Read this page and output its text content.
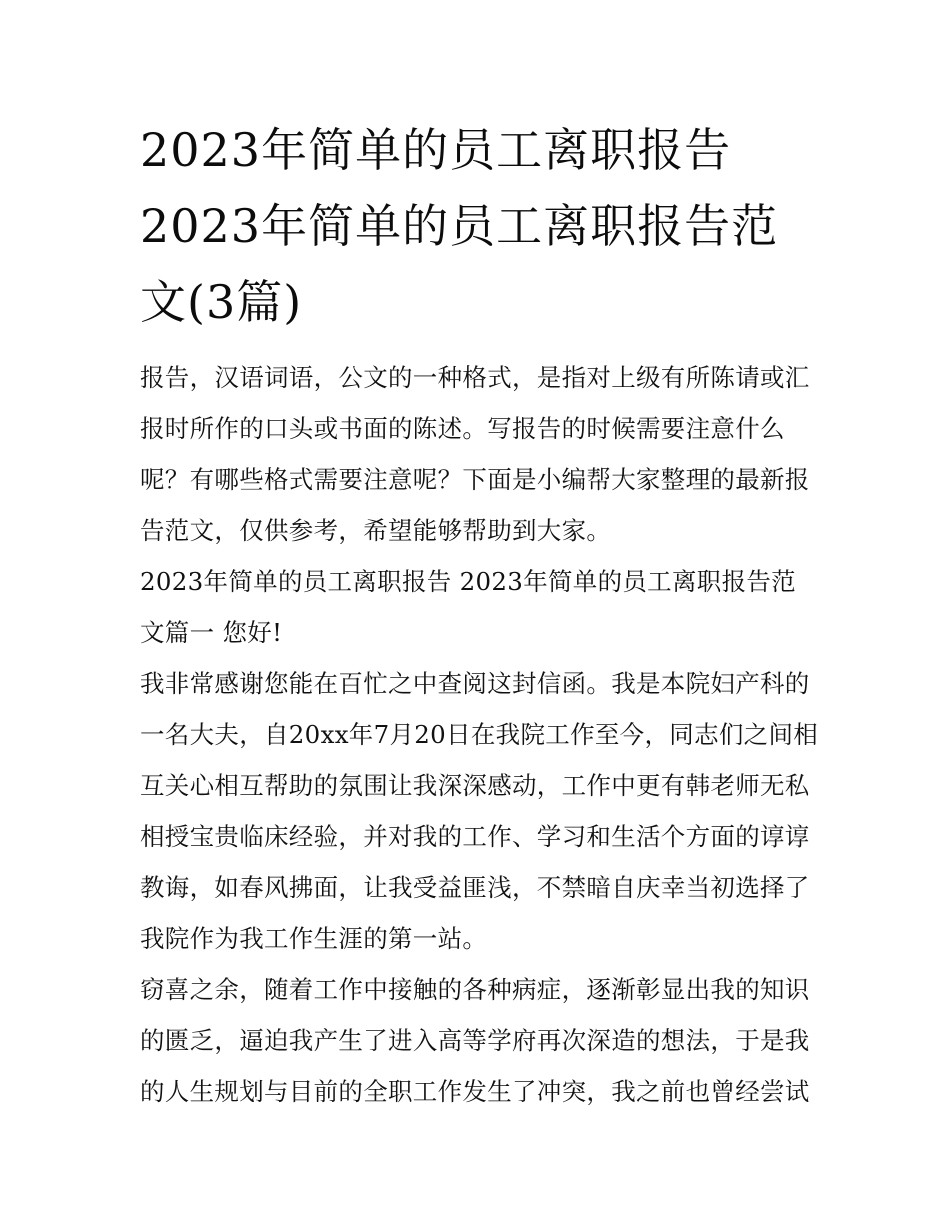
2023年简单的员工离职报告
2023年简单的员工离职报告范
文(3篇)

报告，汉语词语，公文的一种格式，是指对上级有所陈请或汇报时所作的口头或书面的陈述。写报告的时候需要注意什么呢？有哪些格式需要注意呢？下面是小编帮大家整理的最新报告范文，仅供参考，希望能够帮助到大家。

2023年简单的员工离职报告 2023年简单的员工离职报告范文篇一 您好!

我非常感谢您能在百忙之中查阅这封信函。我是本院妇产科的一名大夫，自20xx年7月20日在我院工作至今，同志们之间相互关心相互帮助的氛围让我深深感动，工作中更有韩老师无私相授宝贵临床经验，并对我的工作、学习和生活个方面的谆谆教诲，如春风拂面，让我受益匪浅，不禁暗自庆幸当初选择了我院作为我工作生涯的第一站。

窃喜之余，随着工作中接触的各种病症，逐渐彰显出我的知识的匮乏，逼迫我产生了进入高等学府再次深造的想法，于是我的人生规划与目前的全职工作发生了冲突，我之前也曾经尝试
